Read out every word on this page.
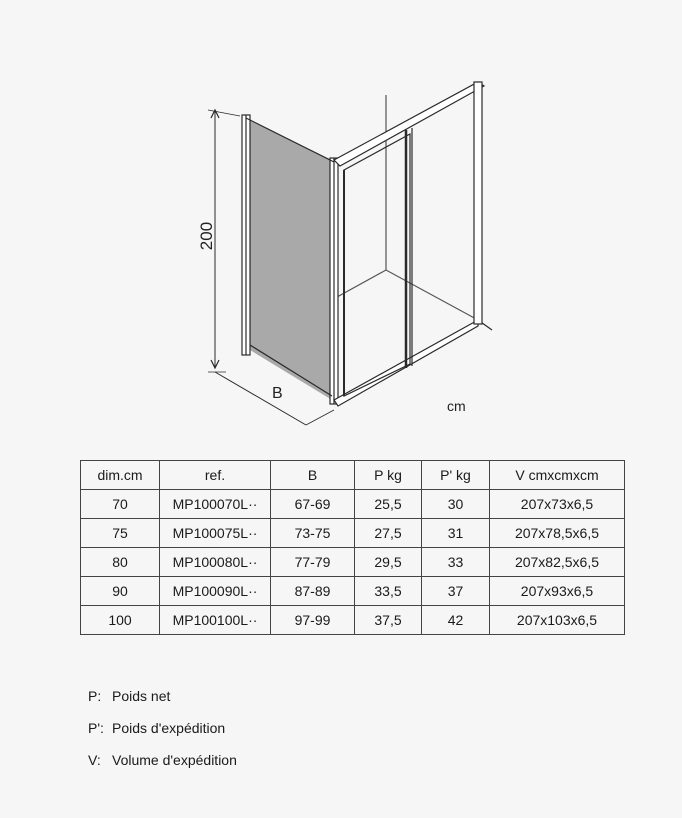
200
B
cm
dim.cm	ref.	B	P kg	P' kg	V cmxcmxcm
70	MP100070L··	67-69	25,5	30	207x73x6,5
75	MP100075L··	73-75	27,5	31	207x78,5x6,5
80	MP100080L··	77-79	29,5	33	207x82,5x6,5
90	MP100090L··	87-89	33,5	37	207x93x6,5
100	MP100100L··	97-99	37,5	42	207x103x6,5
P: Poids net
P': Poids d'expédition
V: Volume d'expédition
